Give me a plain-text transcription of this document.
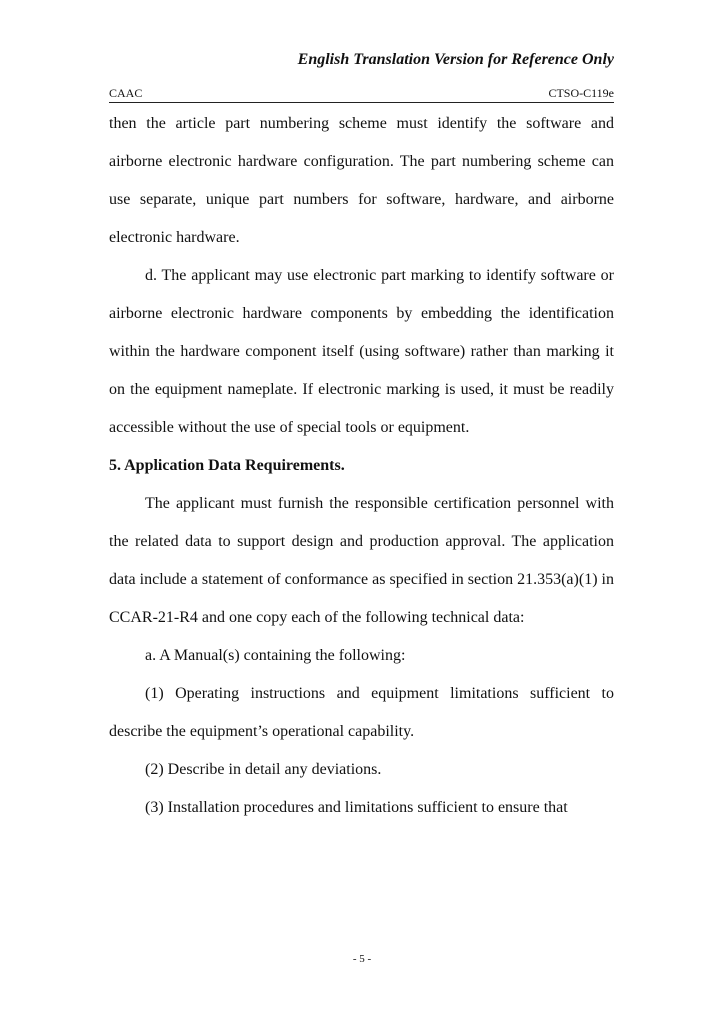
English Translation Version for Reference Only
CAAC	CTSO-C119e

then the article part numbering scheme must identify the software and airborne electronic hardware configuration. The part numbering scheme can use separate, unique part numbers for software, hardware, and airborne electronic hardware.

d. The applicant may use electronic part marking to identify software or airborne electronic hardware components by embedding the identification within the hardware component itself (using software) rather than marking it on the equipment nameplate. If electronic marking is used, it must be readily accessible without the use of special tools or equipment.

5. Application Data Requirements.

The applicant must furnish the responsible certification personnel with the related data to support design and production approval. The application data include a statement of conformance as specified in section 21.353(a)(1) in CCAR-21-R4 and one copy each of the following technical data:

a. A Manual(s) containing the following:

(1) Operating instructions and equipment limitations sufficient to describe the equipment’s operational capability.

(2) Describe in detail any deviations.

(3) Installation procedures and limitations sufficient to ensure that

- 5 -
